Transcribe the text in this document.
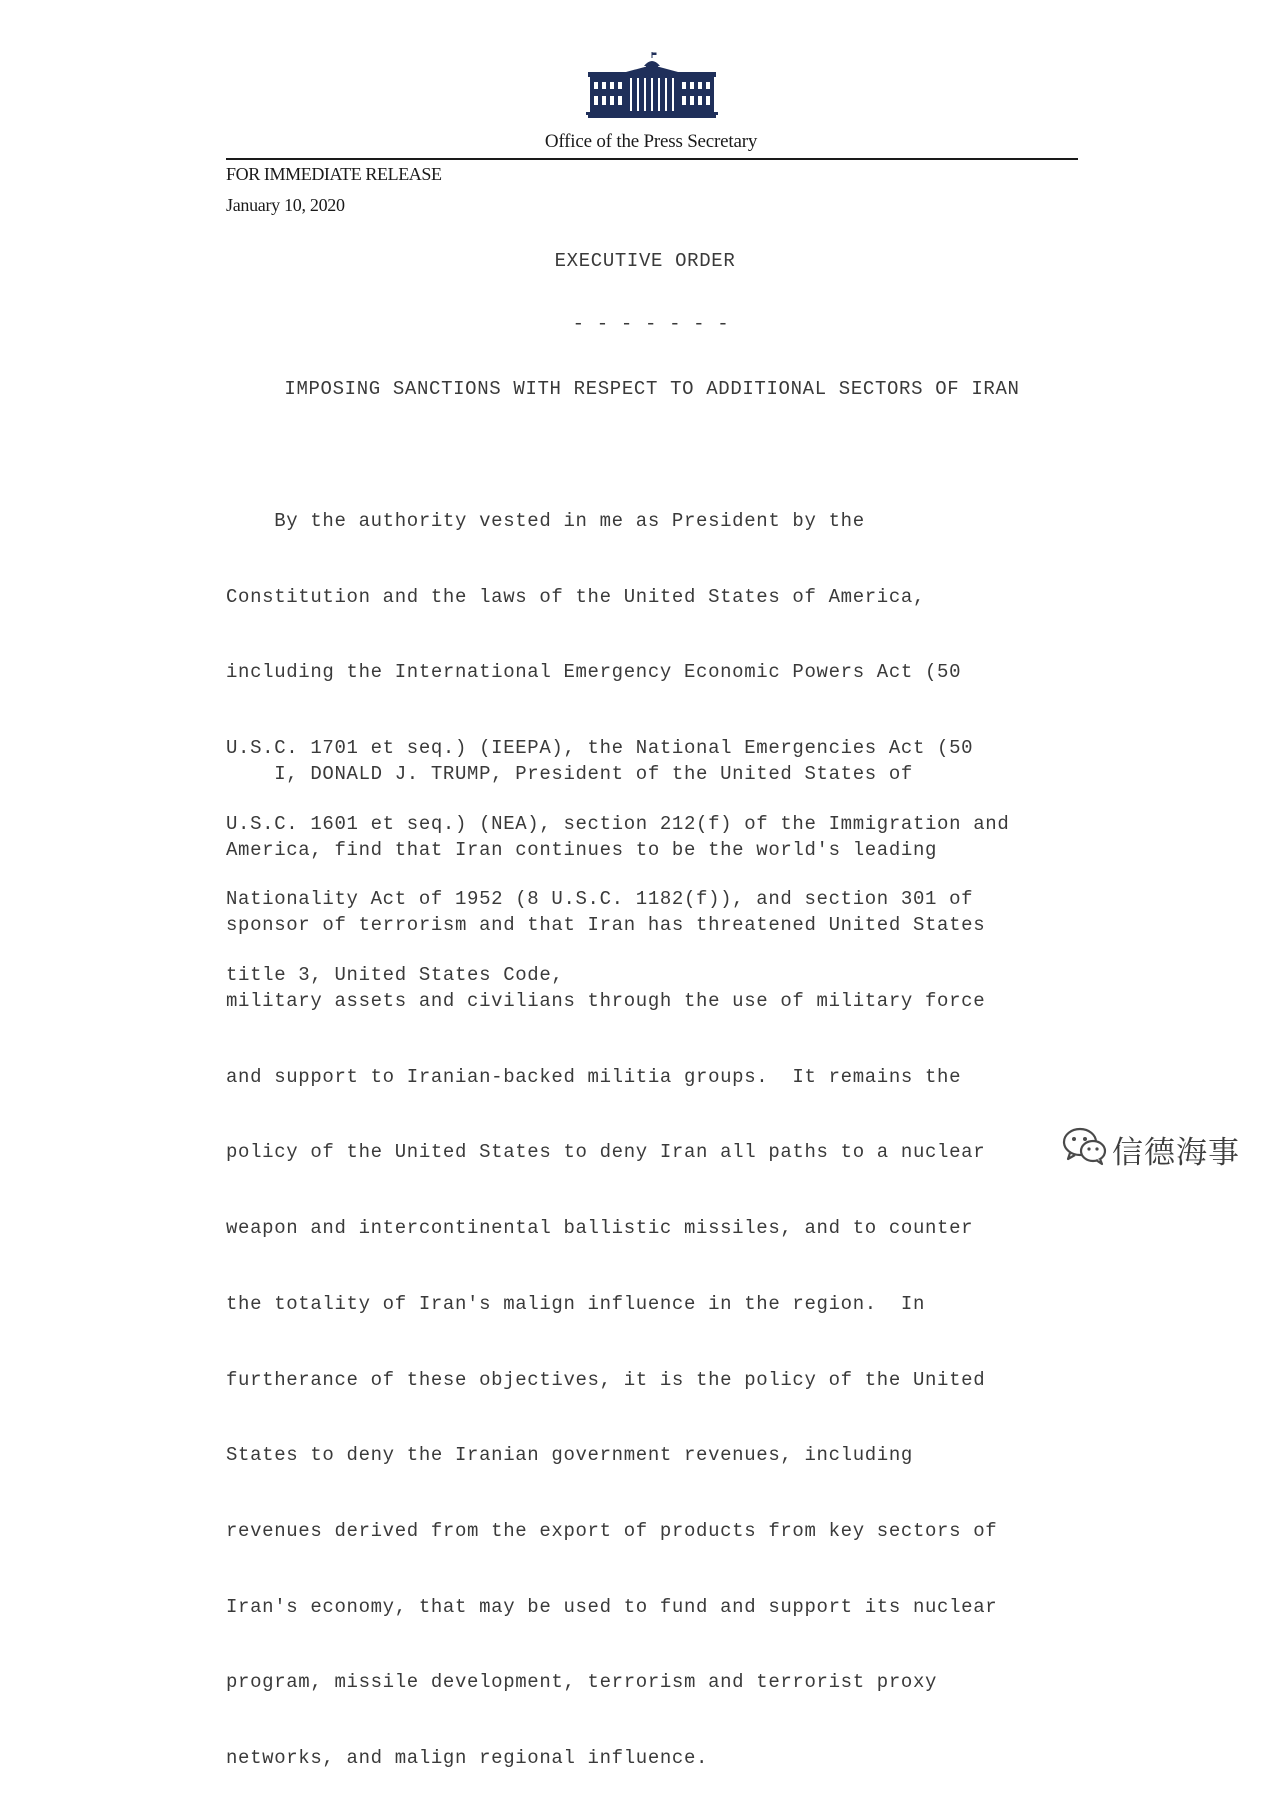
Office of the Press Secretary
FOR IMMEDIATE RELEASE
January 10, 2020
EXECUTIVE ORDER
- - - - - - -
IMPOSING SANCTIONS WITH RESPECT TO ADDITIONAL SECTORS OF IRAN

By the authority vested in me as President by the

Constitution and the laws of the United States of America,

including the International Emergency Economic Powers Act (50

U.S.C. 1701 et seq.) (IEEPA), the National Emergencies Act (50

U.S.C. 1601 et seq.) (NEA), section 212(f) of the Immigration and

Nationality Act of 1952 (8 U.S.C. 1182(f)), and section 301 of

title 3, United States Code,

I, DONALD J. TRUMP, President of the United States of

America, find that Iran continues to be the world's leading

sponsor of terrorism and that Iran has threatened United States

military assets and civilians through the use of military force

and support to Iranian-backed militia groups.  It remains the

policy of the United States to deny Iran all paths to a nuclear

weapon and intercontinental ballistic missiles, and to counter

the totality of Iran's malign influence in the region.  In

furtherance of these objectives, it is the policy of the United

States to deny the Iranian government revenues, including

revenues derived from the export of products from key sectors of

Iran's economy, that may be used to fund and support its nuclear

program, missile development, terrorism and terrorist proxy

networks, and malign regional influence.

信德海事
